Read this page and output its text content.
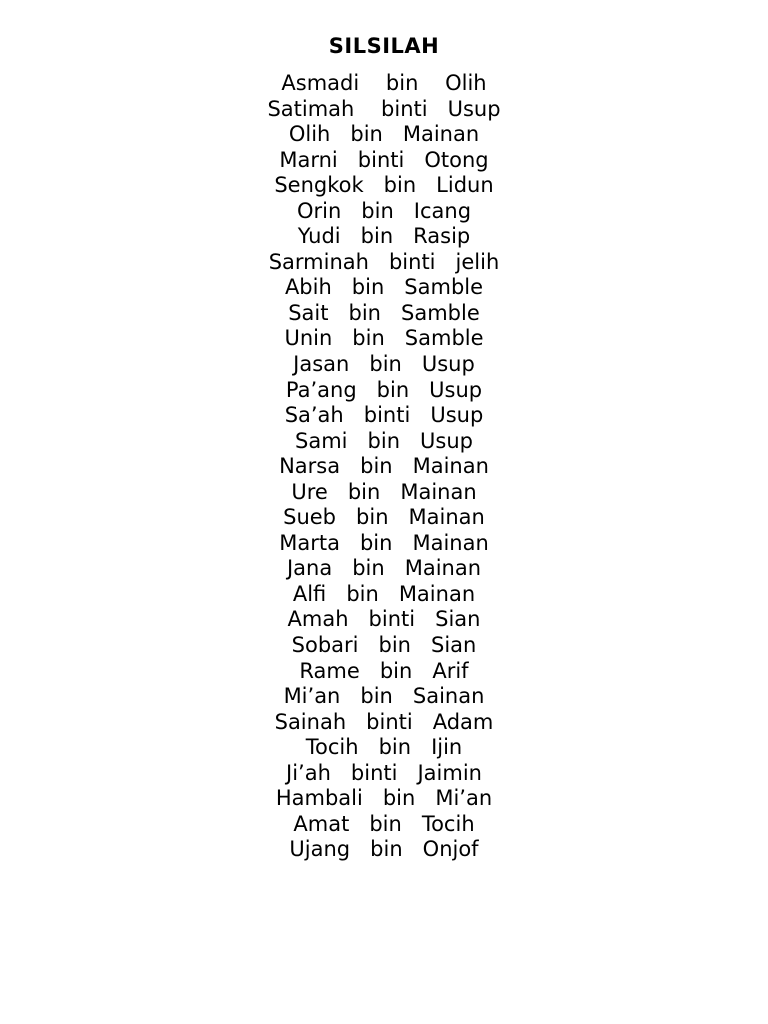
SILSILAH
Asmadi    bin    Olih
Satimah    binti   Usup
Olih   bin   Mainan
Marni   binti   Otong
Sengkok   bin   Lidun
Orin   bin   Icang
Yudi   bin   Rasip
Sarminah   binti   jelih
Abih   bin   Samble
Sait   bin   Samble
Unin   bin   Samble
Jasan   bin   Usup
Pa’ang   bin   Usup
Sa’ah   binti   Usup
Sami   bin   Usup
Narsa   bin   Mainan
Ure   bin   Mainan
Sueb   bin   Mainan
Marta   bin   Mainan
Jana   bin   Mainan
Alfi   bin   Mainan
Amah   binti   Sian
Sobari   bin   Sian
Rame   bin   Arif
Mi’an   bin   Sainan
Sainah   binti   Adam
Tocih   bin   Ijin
Ji’ah   binti   Jaimin
Hambali   bin   Mi’an
Amat   bin   Tocih
Ujang   bin   Onjof
